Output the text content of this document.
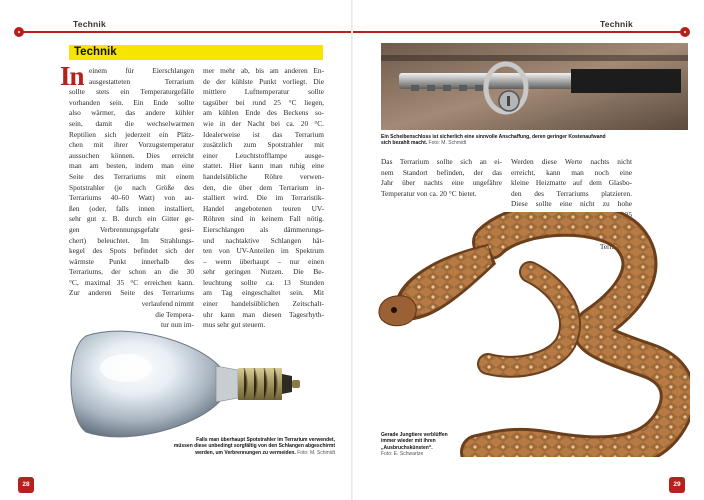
Technik	Technik
Technik
In einem für Eierschlangen
ausgestatteten Terrarium
sollte stets ein Temperaturgefälle
vorhanden sein. Ein Ende sollte
also wärmer, das andere kühler
sein, damit die wechselwarmen
Reptilien sich jederzeit ein Plätz-
chen mit ihrer Vorzugstemperatur
aussuchen können. Dies erreicht
man am besten, indem man eine
Seite des Terrariums mit einem
Spotstrahler (je nach Größe des
Terrariums 40–60 Watt) von au-
ßen (oder, falls innen installiert,
sehr gut z. B. durch ein Gitter ge-
gen Verbrennungsgefahr gesi-
chert) beleuchtet. Im Strahlungs-
kegel des Spots befindet sich der
wärmste Punkt innerhalb des
Terrariums, der schon an die 30
°C, maximal 35 °C erreichen kann.
Zur anderen Seite des Terrariums
verlaufend nimmt
die Tempera-
tur nun im-
mer mehr ab, bis am anderen En-
de der kühlste Punkt vorliegt. Die
mittlere Lufttemperatur sollte
tagsüber bei rund 25 °C liegen,
am kühlen Ende des Beckens so-
wie in der Nacht bei ca. 20 °C.
Idealerweise ist das Terrarium
zusätzlich zum Spotstrahler mit
einer Leuchtstofflampe ausge-
stattet. Hier kann man ruhig eine
handelsübliche Röhre verwen-
den, die über dem Terrarium in-
stalliert wird. Die im Terraristik-
Handel angebotenen teuren UV-
Röhren sind in keinem Fall nötig.
Eierschlangen als dämmerungs-
und nachtaktive Schlangen hät-
ten von UV-Anteilen im Spektrum
– wenn überhaupt – nur einen
sehr geringen Nutzen. Die Be-
leuchtung sollte ca. 13 Stunden
am Tag eingeschaltet sein. Mit
einer handelsüblichen Zeitschalt-
uhr kann man diesen Tagesrhyth-
mus sehr gut steuern.
Falls man überhaupt Spotstrahler im Terrarium verwendet,
müssen diese unbedingt sorgfältig von den Schlangen abgeschirmt
werden, um Verbrennungen zu vermeiden. Foto: M. Schmidt
Ein Scheibenschloss ist sicherlich eine sinnvolle Anschaffung, deren geringer Kostenaufwand
sich bezahlt macht. Foto: M. Schmidt
Das Terrarium sollte sich an ei-
nem Standort befinden, der das
Jahr über nachts eine ungefähre
Temperatur von ca. 20 °C bietet.
Werden diese Werte nachts nicht
erreicht, kann man noch eine
kleine Heizmatte auf dem Glasbo-
den des Terrariums platzieren.
Diese sollte eine nicht zu hohe
Wattzahl haben – 15–25
Watt reichen je
nach Größe des
Terrariums
aus.
Gerade Jungtiere verblüffen
immer wieder mit ihren
„Ausbruchskünsten“.
Foto: E. Schwartze
28	29
